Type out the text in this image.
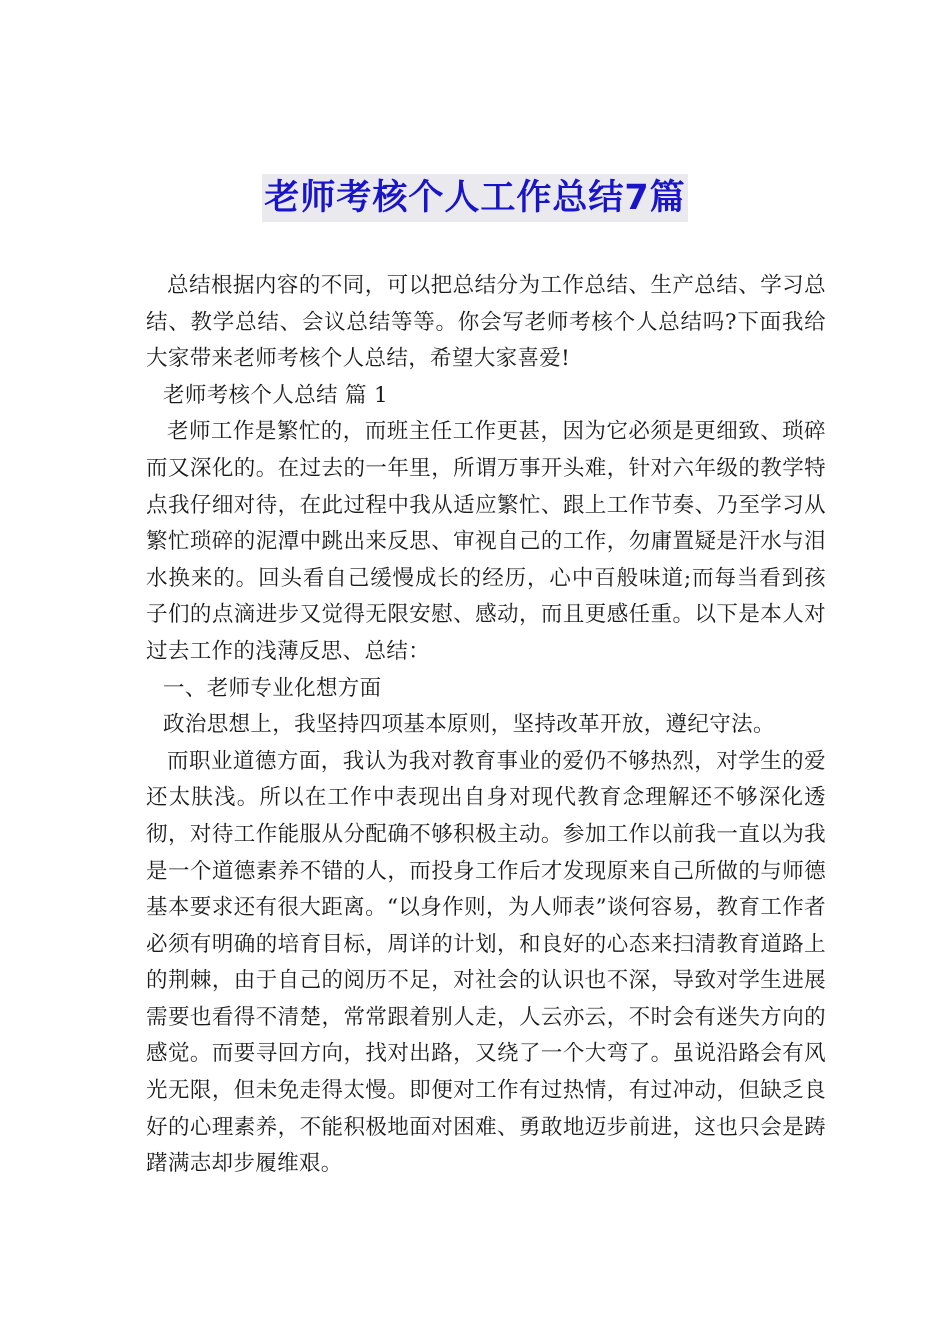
老师考核个人工作总结7篇

总结根据内容的不同，可以把总结分为工作总结、生产总结、学习总结、教学总结、会议总结等等。你会写老师考核个人总结吗?下面我给大家带来老师考核个人总结，希望大家喜爱!

老师考核个人总结 篇 1

老师工作是繁忙的，而班主任工作更甚，因为它必须是更细致、琐碎而又深化的。在过去的一年里，所谓万事开头难，针对六年级的教学特点我仔细对待，在此过程中我从适应繁忙、跟上工作节奏、乃至学习从繁忙琐碎的泥潭中跳出来反思、审视自己的工作，勿庸置疑是汗水与泪水换来的。回头看自己缓慢成长的经历，心中百般味道;而每当看到孩子们的点滴进步又觉得无限安慰、感动，而且更感任重。以下是本人对过去工作的浅薄反思、总结：

一、老师专业化想方面

政治思想上，我坚持四项基本原则，坚持改革开放，遵纪守法。

而职业道德方面，我认为我对教育事业的爱仍不够热烈，对学生的爱还太肤浅。所以在工作中表现出自身对现代教育念理解还不够深化透彻，对待工作能服从分配确不够积极主动。参加工作以前我一直以为我是一个道德素养不错的人，而投身工作后才发现原来自己所做的与师德基本要求还有很大距离。“以身作则，为人师表”谈何容易，教育工作者必须有明确的培育目标，周详的计划，和良好的心态来扫清教育道路上的荆棘，由于自己的阅历不足，对社会的认识也不深，导致对学生进展需要也看得不清楚，常常跟着别人走，人云亦云，不时会有迷失方向的感觉。而要寻回方向，找对出路，又绕了一个大弯了。虽说沿路会有风光无限，但未免走得太慢。即便对工作有过热情，有过冲动，但缺乏良好的心理素养，不能积极地面对困难、勇敢地迈步前进，这也只会是踌躇满志却步履维艰。
